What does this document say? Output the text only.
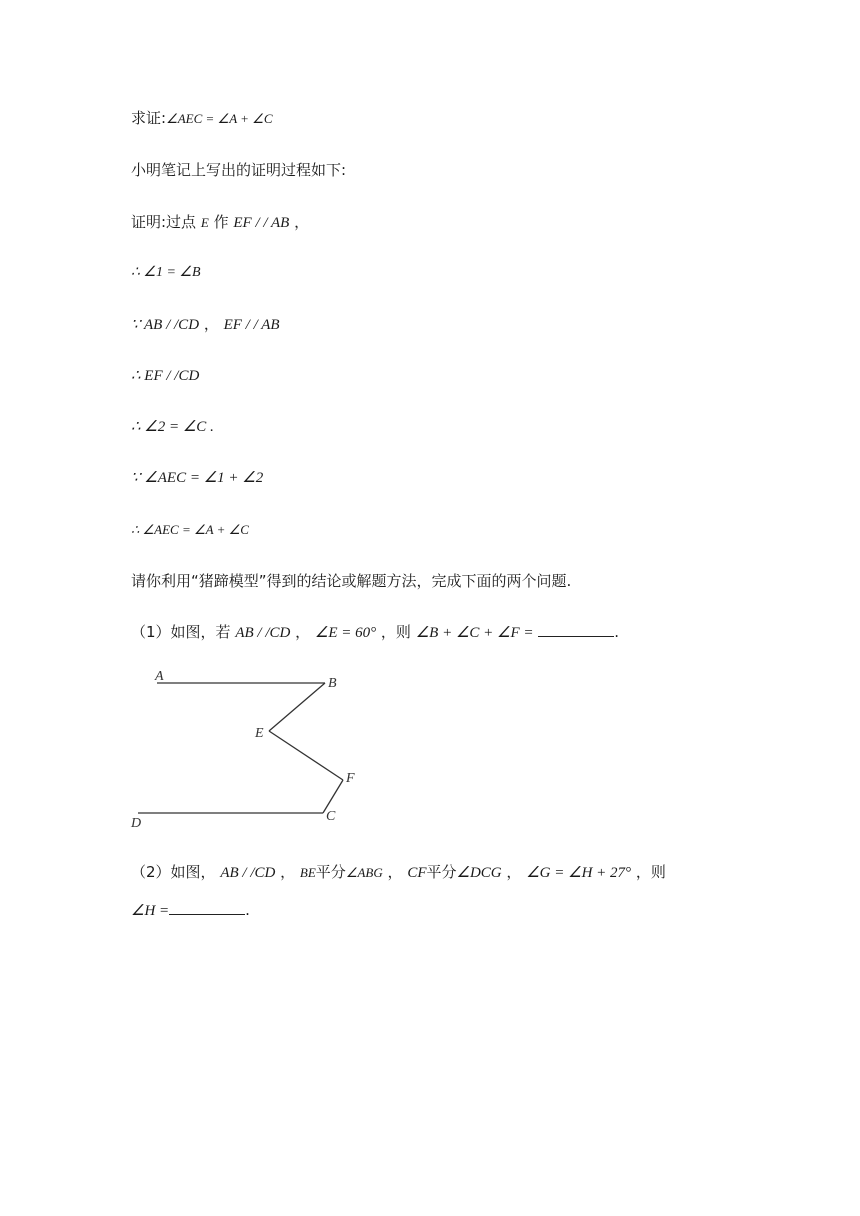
求证:∠AEC = ∠A + ∠C
小明笔记上写出的证明过程如下:
证明:过点 E 作 EF / / AB ，
∴ ∠1 = ∠B
∵ AB / /CD ， EF / / AB
∴ EF / /CD
∴ ∠2 = ∠C .
∵ ∠AEC = ∠1 + ∠2
∴ ∠AEC = ∠A + ∠C
请你利用“猪蹄模型”得到的结论或解题方法，完成下面的两个问题.
（1）如图，若 AB / /CD ， ∠E = 60° ，则 ∠B + ∠C + ∠F =	.
A	B
E
F
C
D
（2）如图， AB / /CD ， BE平分∠ABG ， CF平分∠DCG ， ∠G = ∠H + 27° ，则
∠H =	.
